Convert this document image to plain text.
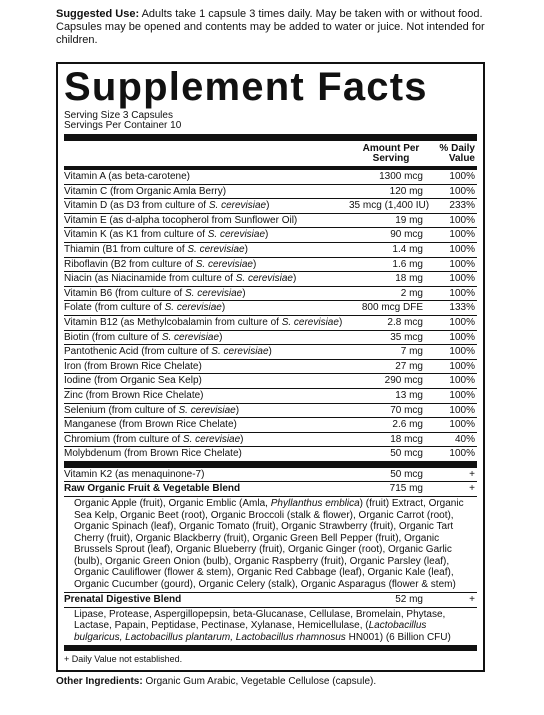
Suggested Use: Adults take 1 capsule 3 times daily. May be taken with or without food. Capsules may be opened and contents may be added to water or juice. Not intended for children.
Supplement Facts
Serving Size 3 Capsules
Servings Per Container 10
Amount Per
Serving
% Daily
Value
Vitamin A (as beta-carotene)	1300 mcg	100%
Vitamin C (from Organic Amla Berry)	120 mg	100%
Vitamin D (as D3 from culture of S. cerevisiae)	35 mcg (1,400 IU)	233%
Vitamin E (as d-alpha tocopherol from Sunflower Oil)	19 mg	100%
Vitamin K (as K1 from culture of S. cerevisiae)	90 mcg	100%
Thiamin (B1 from culture of S. cerevisiae)	1.4 mg	100%
Riboflavin (B2 from culture of S. cerevisiae)	1.6 mg	100%
Niacin (as Niacinamide from culture of S. cerevisiae)	18 mg	100%
Vitamin B6 (from culture of S. cerevisiae)	2 mg	100%
Folate (from culture of S. cerevisiae)	800 mcg DFE	133%
Vitamin B12 (as Methylcobalamin from culture of S. cerevisiae)	2.8 mcg	100%
Biotin (from culture of S. cerevisiae)	35 mcg	100%
Pantothenic Acid (from culture of S. cerevisiae)	7 mg	100%
Iron (from Brown Rice Chelate)	27 mg	100%
Iodine (from Organic Sea Kelp)	290 mcg	100%
Zinc (from Brown Rice Chelate)	13 mg	100%
Selenium (from culture of S. cerevisiae)	70 mcg	100%
Manganese (from Brown Rice Chelate)	2.6 mg	100%
Chromium (from culture of S. cerevisiae)	18 mcg	40%
Molybdenum (from Brown Rice Chelate)	50 mcg	100%
Vitamin K2 (as menaquinone-7)	50 mcg	+
Raw Organic Fruit & Vegetable Blend	715 mg	+
Organic Apple (fruit), Organic Emblic (Amla, Phyllanthus emblica) (fruit) Extract, Organic Sea Kelp, Organic Beet (root), Organic Broccoli (stalk & flower), Organic Carrot (root), Organic Spinach (leaf), Organic Tomato (fruit), Organic Strawberry (fruit), Organic Tart Cherry (fruit), Organic Blackberry (fruit), Organic Green Bell Pepper (fruit), Organic Brussels Sprout (leaf), Organic Blueberry (fruit), Organic Ginger (root), Organic Garlic (bulb), Organic Green Onion (bulb), Organic Raspberry (fruit), Organic Parsley (leaf), Organic Cauliflower (flower & stem), Organic Red Cabbage (leaf), Organic Kale (leaf), Organic Cucumber (gourd), Organic Celery (stalk), Organic Asparagus (flower & stem)
Prenatal Digestive Blend	52 mg	+
Lipase, Protease, Aspergillopepsin, beta-Glucanase, Cellulase, Bromelain, Phytase, Lactase, Papain, Peptidase, Pectinase, Xylanase, Hemicellulase, (Lactobacillus bulgaricus, Lactobacillus plantarum, Lactobacillus rhamnosus HN001) (6 Billion CFU)
+ Daily Value not established.
Other Ingredients: Organic Gum Arabic, Vegetable Cellulose (capsule).
